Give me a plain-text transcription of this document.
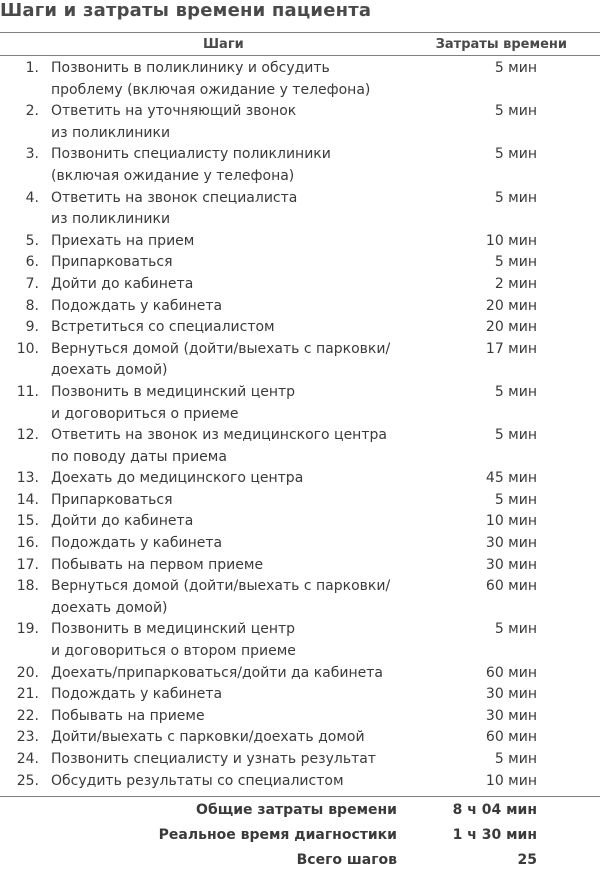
Шаги и затраты времени пациента
Шаги	Затраты времени
1. Позвонить в поликлинику и обсудить
проблему (включая ожидание у телефона)
5 мин
2. Ответить на уточняющий звонок
из поликлиники
5 мин
3. Позвонить специалисту поликлиники
(включая ожидание у телефона)
5 мин
4. Ответить на звонок специалиста
из поликлиники
5 мин
5. Приехать на прием	10 мин
6. Припарковаться	5 мин
7. Дойти до кабинета	2 мин
8. Подождать у кабинета	20 мин
9. Встретиться со специалистом	20 мин
10. Вернуться домой (дойти/выехать с парковки/
доехать домой)
17 мин
11. Позвонить в медицинский центр
и договориться о приеме
5 мин
12. Ответить на звонок из медицинского центра
по поводу даты приема
5 мин
13. Доехать до медицинского центра	45 мин
14. Припарковаться	5 мин
15. Дойти до кабинета	10 мин
16. Подождать у кабинета	30 мин
17. Побывать на первом приеме	30 мин
18. Вернуться домой (дойти/выехать с парковки/
доехать домой)
60 мин
19. Позвонить в медицинский центр
и договориться о втором приеме
5 мин
20. Доехать/припарковаться/дойти да кабинета	60 мин
21. Подождать у кабинета	30 мин
22. Побывать на приеме	30 мин
23. Дойти/выехать с парковки/доехать домой	60 мин
24. Позвонить специалисту и узнать результат	5 мин
25. Обсудить результаты со специалистом	10 мин
Общие затраты времени	8 ч 04 мин
Реальное время диагностики	1 ч 30 мин
Всего шагов	25
